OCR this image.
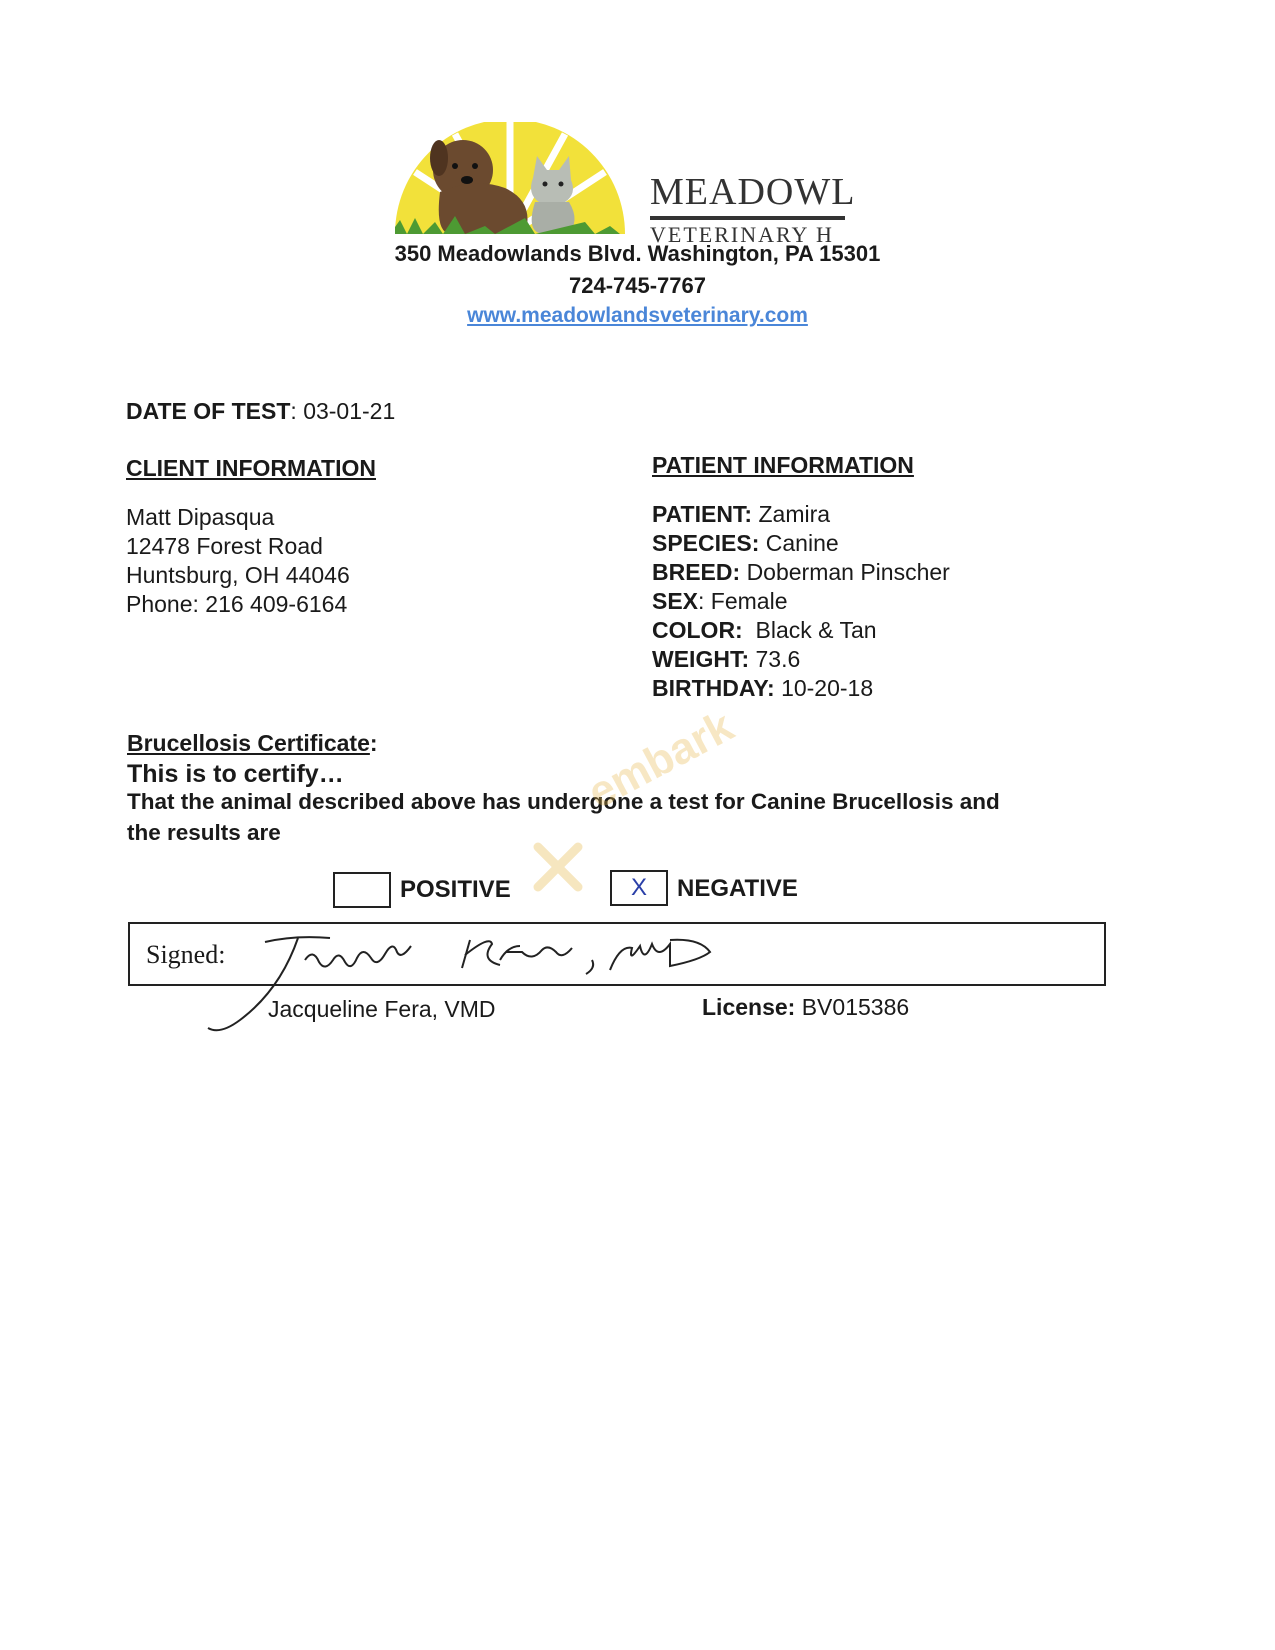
MEADOWL
VETERINARY H
350 Meadowlands Blvd. Washington, PA 15301
724-745-7767
www.meadowlandsveterinary.com
DATE OF TEST: 03-01-21
CLIENT INFORMATION
Matt Dipasqua
12478 Forest Road
Huntsburg, OH 44046
Phone: 216 409-6164
PATIENT INFORMATION
PATIENT: Zamira
SPECIES: Canine
BREED: Doberman Pinscher
SEX: Female
COLOR: Black & Tan
WEIGHT: 73.6
BIRTHDAY: 10-20-18
Brucellosis Certificate:
This is to certify…
That the animal described above has undergone a test for Canine Brucellosis and
the results are
embark
POSITIVE	X	NEGATIVE
Signed:
Jacqueline Fera, VMD	License: BV015386
